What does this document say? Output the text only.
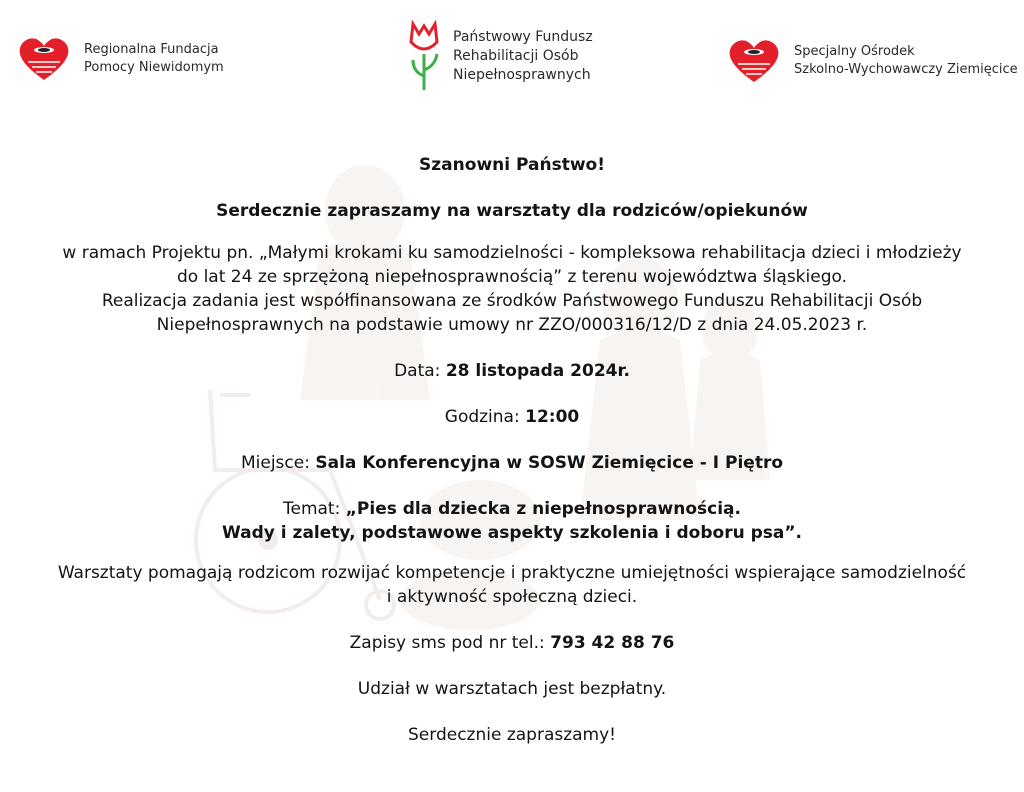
Regionalna Fundacja
Pomocy Niewidomym
Państwowy Fundusz
Rehabilitacji Osób
Niepełnosprawnych
Specjalny Ośrodek
Szkolno-Wychowawczy Ziemięcice

Szanowni Państwo!

Serdecznie zapraszamy na warsztaty dla rodziców/opiekunów

w ramach Projektu pn. „Małymi krokami ku samodzielności - kompleksowa rehabilitacja dzieci i młodzieży

do lat 24 ze sprzężoną niepełnosprawnością” z terenu województwa śląskiego.

Realizacja zadania jest współfinansowana ze środków Państwowego Funduszu Rehabilitacji Osób

Niepełnosprawnych na podstawie umowy nr ZZO/000316/12/D z dnia 24.05.2023 r.

Data: 28 listopada 2024r.

Godzina: 12:00

Miejsce: Sala Konferencyjna w SOSW Ziemięcice - I Piętro

Temat: „Pies dla dziecka z niepełnosprawnością.

Wady i zalety, podstawowe aspekty szkolenia i doboru psa”.

Warsztaty pomagają rodzicom rozwijać kompetencje i praktyczne umiejętności wspierające samodzielność

i aktywność społeczną dzieci.

Zapisy sms pod nr tel.: 793 42 88 76

Udział w warsztatach jest bezpłatny.

Serdecznie zapraszamy!
